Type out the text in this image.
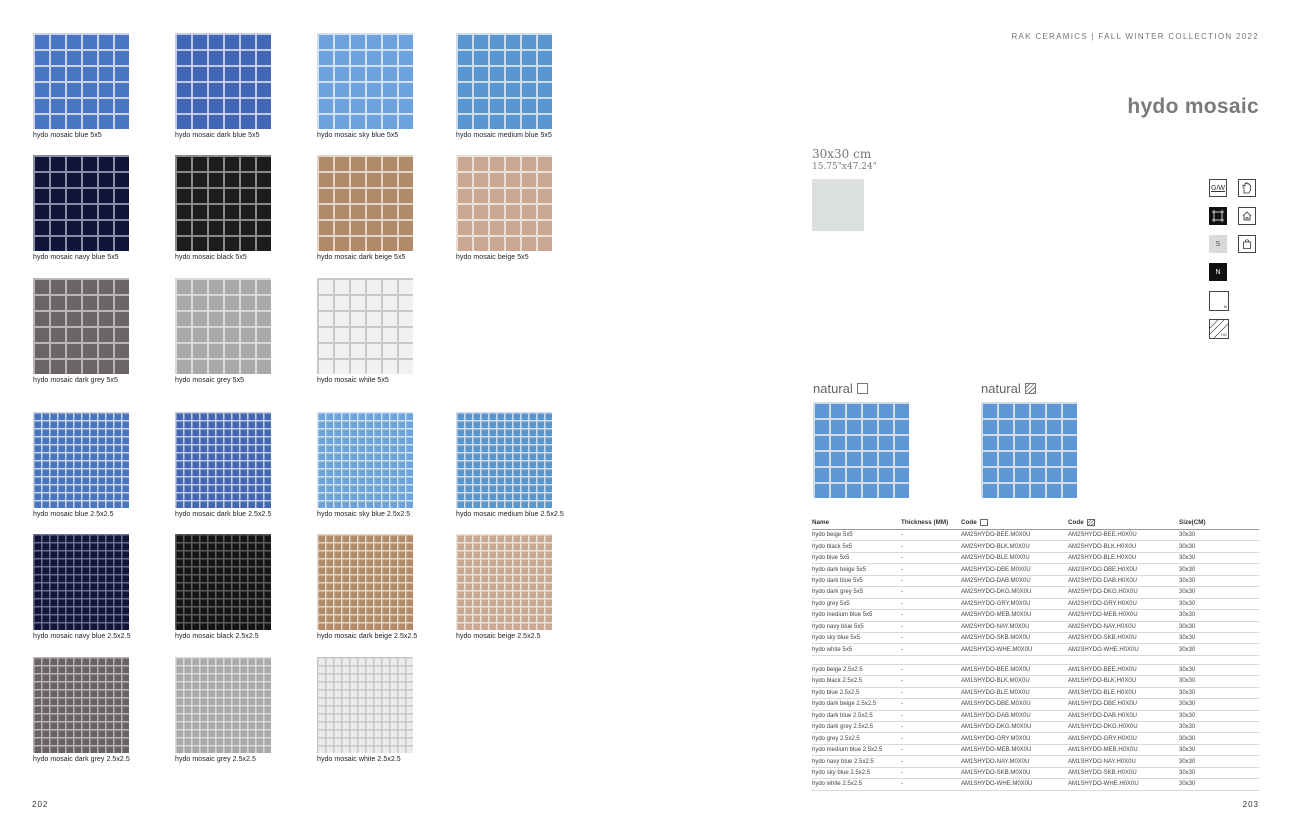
hydo mosaic blue 5x5	hydo mosaic dark blue 5x5	hydo mosaic sky blue 5x5	hydo mosaic medium blue 5x5
hydo mosaic navy blue 5x5	hydo mosaic black 5x5	hydo mosaic dark beige 5x5	hydo mosaic beige 5x5
hydo mosaic dark grey 5x5	hydo mosaic grey 5x5	hydo mosaic white 5x5
hydo mosaic blue 2.5x2.5	hydo mosaic dark blue 2.5x2.5	hydo mosaic sky blue 2.5x2.5	hydo mosaic medium blue 2.5x2.5
hydo mosaic navy blue 2.5x2.5	hydo mosaic black 2.5x2.5	hydo mosaic dark beige 2.5x2.5	hydo mosaic beige 2.5x2.5
hydo mosaic dark grey 2.5x2.5	hydo mosaic grey 2.5x2.5	hydo mosaic white 2.5x2.5
202
RAK CERAMICS | FALL WINTER COLLECTION 2022
hydo mosaic
30x30 cm
15.75"x47.24"
G/W
S
N
M
HG
natural	natural
Name	Thickness (MM)	Code	Code	Size(CM)
hydo beige 5x5	-	AM2SHYDO-BEE.M0X0U	AM2SHYDO-BEE.H0X0U	30x30
hydo black 5x5	-	AM2SHYDO-BLK.M0X0U	AM2SHYDO-BLK.H0X0U	30x30
hydo blue 5x5	-	AM2SHYDO-BLE.M0X0U	AM2SHYDO-BLE.H0X0U	30x30
hydo dark beige 5x5	-	AM2SHYDO-DBE.M0X0U	AM2SHYDO-DBE.H0X0U	30x30
hydo dark blue 5x5	-	AM2SHYDO-DAB.M0X0U	AM2SHYDO-DAB.H0X0U	30x30
hydo dark grey 5x5	-	AM2SHYDO-DKG.M0X0U	AM2SHYDO-DKG.H0X0U	30x30
hydo grey 5x5	-	AM2SHYDO-GRY.M0X0U	AM2SHYDO-GRY.H0X0U	30x30
hydo medium blue 5x5	-	AM2SHYDO-MEB.M0X0U	AM2SHYDO-MEB.H0X0U	30x30
hydo navy blue 5x5	-	AM2SHYDO-NAY.M0X0U	AM2SHYDO-NAY.H0X0U	30x30
hydo sky blue 5x5	-	AM2SHYDO-SKB.M0X0U	AM2SHYDO-SKB.H0X0U	30x30
hydo white 5x5	-	AM2SHYDO-WHE.M0X0U	AM2SHYDO-WHE.H0X0U	30x30

hydo beige 2.5x2.5	-	AM1SHYDO-BEE.M0X0U	AM1SHYDO-BEE.H0X0U	30x30
hydo black 2.5x2.5	-	AM1SHYDO-BLK.M0X0U	AM1SHYDO-BLK.H0X0U	30x30
hydo blue 2.5x2.5	-	AM1SHYDO-BLE.M0X0U	AM1SHYDO-BLE.H0X0U	30x30
hydo dark beige 2.5x2.5	-	AM1SHYDO-DBE.M0X0U	AM1SHYDO-DBE.H0X0U	30x30
hydo dark blue 2.5x2.5	-	AM1SHYDO-DAB.M0X0U	AM1SHYDO-DAB.H0X0U	30x30
hydo dark grey 2.5x2.5	-	AM1SHYDO-DKG.M0X0U	AM1SHYDO-DKG.H0X0U	30x30
hydo grey 2.5x2.5	-	AM1SHYDO-GRY.M0X0U	AM1SHYDO-GRY.H0X0U	30x30
hydo medium blue 2.5x2.5	-	AM1SHYDO-MEB.M0X0U	AM1SHYDO-MEB.H0X0U	30x30
hydo navy blue 2.5x2.5	-	AM1SHYDO-NAY.M0X0U	AM1SHYDO-NAY.H0X0U	30x30
hydo sky blue 2.5x2.5	-	AM1SHYDO-SKB.M0X0U	AM1SHYDO-SKB.H0X0U	30x30
hydo white 2.5x2.5	-	AM1SHYDO-WHE.M0X0U	AM1SHYDO-WHE.H0X0U	30x30
203
